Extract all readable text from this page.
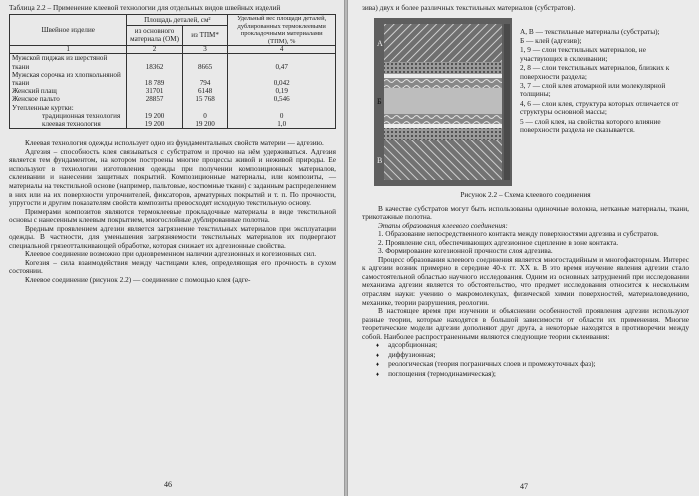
Таблица 2.2 – Применение клеевой технологии для отдельных видов швейных изделий
Швейное изделие	Площадь деталей, см²		Удельный вес площади деталей, дублированных термоклеевыми прокладочными материалами (ТПМ), %
	из основного материала (ОМ)	из ТПМ*	
1	2	3	4
Мужской пиджак из шерстяной ткани	18362	8665	0,47
Мужская сорочка из хлопкольняной ткани	18 789	794	0,042
Женский плащ	31701	6148	0,19
Женское пальто	28857	15 768	0,546
Утепленные куртки:			
традиционная технология	19 200	0	0
клеевая технология	19 200	19 200	1,0

Клеевая технология одежды использует одно из фундаментальных свойств материи — адгезию.

Адгезия – способность клея связываться с субстратом и прочно на нём удерживаться. Адгезия является тем фундаментом, на котором построены многие процессы живой и неживой природы. Ее используют в технологии изготовления одежды при получении композиционных материалов, склеивании и нанесении защитных покрытий. Композиционные материалы, или композиты, — материалы на текстильной основе (например, пальтовые, костюмные ткани) с заданным распределением в них или на их поверхности упрочнителей, фиксаторов, арматурных покрытий и т. п. По прочности, упругости и другим показателям свойств композиты превосходят исходную текстильную основу.

Примерами композитов являются термоклеевые прокладочные материалы в виде текстильной основы с нанесенным клеевым покрытием, многослойные дублированные полотна.

Вредным проявлением адгезии является загрязнение текстильных материалов при эксплуатации одежды. В частности, для уменьшения загрязняемости текстильных материалов их подвергают специальной грязеотталкивающей обработке, которая снижает их адгезионные свойства.

Клеевое соединение возможно при одновременном наличии адгезионных и когезионных сил.

Когезия – сила взаимодействия между частицами клея, определяющая его прочность в сухом состоянии.

Клеевое соединение (рисунок 2.2) — соединение с помощью клея (адге-

46

зива) двух и более различных текстильных материалов (субстратов).

А
Б
В
А, В — текстильные материалы (субстраты);
Б — клей (адгезив);
1, 9 — слои текстильных материалов, не участвующих в склеивании;
2, 8 — слои текстильных материалов, близких к поверхности раздела;
3, 7 — слой клея атомарной или молекулярной толщины;
4, 6 — слои клея, структура которых отличается от структуры основной массы;
5 — слой клея, на свойства которого влияние поверхности раздела не сказывается.
Рисунок 2.2 – Схема клеевого соединения

В качестве субстратов могут быть использованы одиночные волокна, нетканые материалы, ткани, трикотажные полотна.

Этапы образования клеевого соединения:

1. Образование непосредственного контакта между поверхностями адгезива и субстратов.

2. Проявление сил, обеспечивающих адгезионное сцепление в зоне контакта.

3. Формирование когезионной прочности слоя адгезива.

Процесс образования клеевого соединения является многостадийным и многофакторным. Интерес к адгезии возник примерно в середине 40-х гг. XX в. В это время изучение явления адгезии стало самостоятельной областью научного исследования. Одним из основных затруднений при исследовании механизма адгезии является то обстоятельство, что предмет исследования относится к нескольким отраслям науки: учению о макромолекулах, физической химии поверхностей, материаловедению, механике, теории разрушения, реологии.

В настоящее время при изучении и объяснении особенностей проявления адгезии используют разные теории, которые находятся в большой зависимости от области их применения. Многие теоретические модели адгезии дополняют друг друга, а некоторые находятся в противоречии между собой. Наиболее распространенными являются следующие теории склеивания:

♦ адсорбционная;
♦ диффузионная;
♦ реологическая (теория пограничных слоев и промежуточных фаз);
♦ поглощения (термодинамическая);
47
